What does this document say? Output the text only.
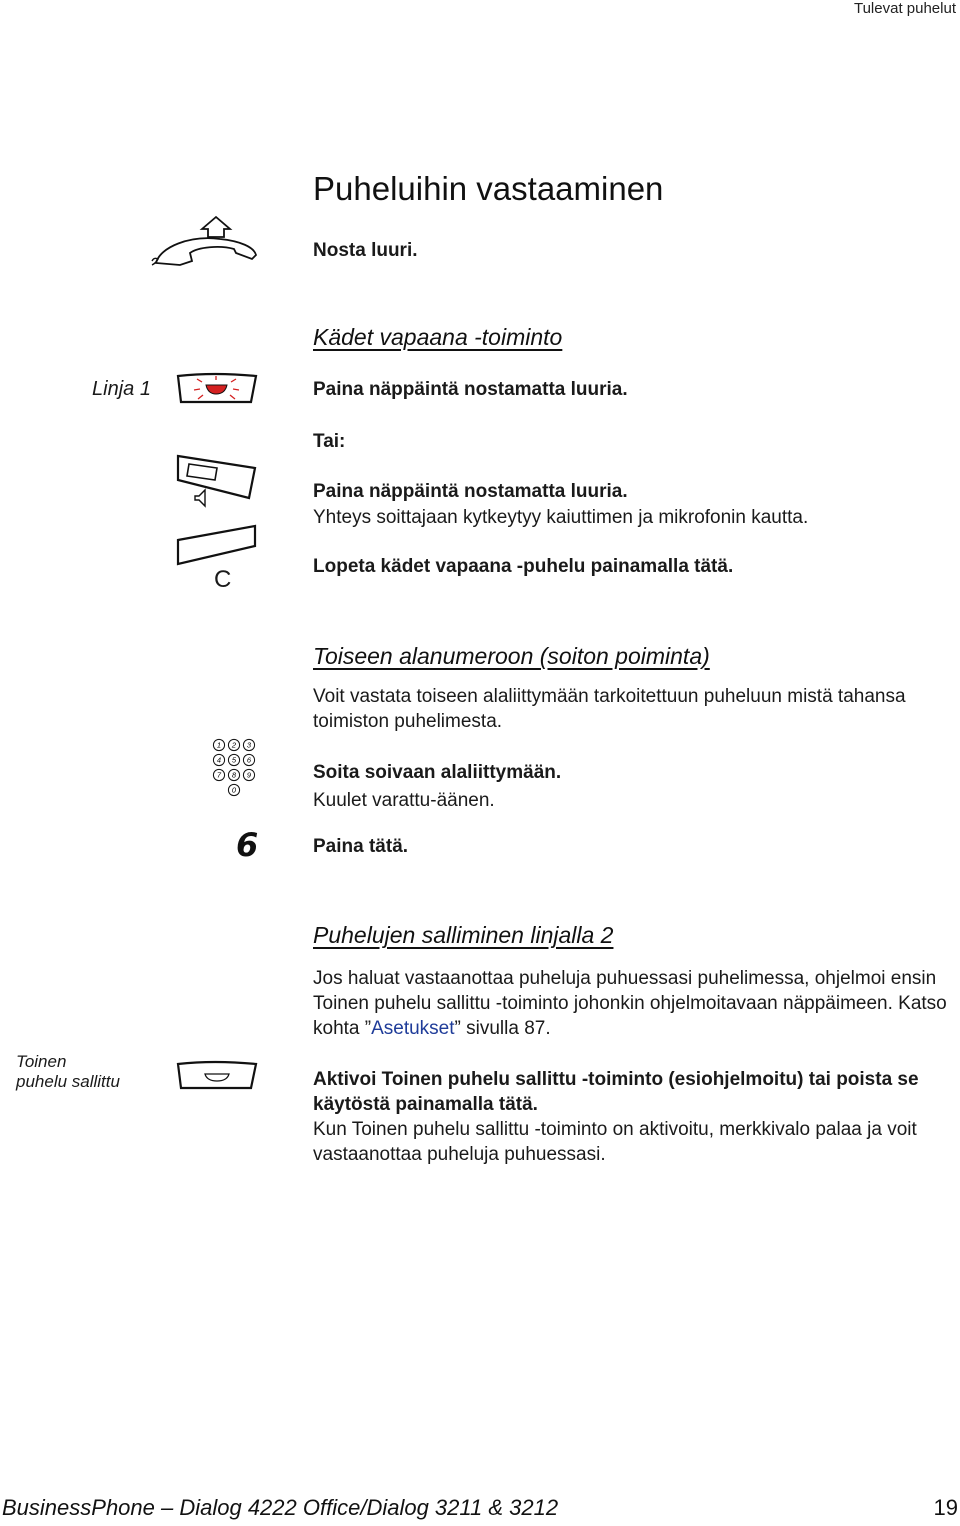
Tulevat puhelut
Puheluihin vastaaminen
Nosta luuri.
Kädet vapaana -toiminto
Linja 1	Paina näppäintä nostamatta luuria.
Tai:
Paina näppäintä nostamatta luuria.
Yhteys soittajaan kytkeytyy kaiuttimen ja mikrofonin kautta.
C	Lopeta kädet vapaana -puhelu painamalla tätä.
Toiseen alanumeroon (soiton poiminta)
Voit vastata toiseen alaliittymään tarkoitettuun puheluun mistä tahansa toimiston puhelimesta.
1 2 3
4 5 6
7 8 9
0
Soita soivaan alaliittymään.
Kuulet varattu-äänen.
6	Paina tätä.
Puhelujen salliminen linjalla 2
Jos haluat vastaanottaa puheluja puhuessasi puhelimessa, ohjelmoi ensin Toinen puhelu sallittu -toiminto johonkin ohjelmoitavaan näppäimeen. Katso kohta ”Asetukset” sivulla 87.
Toinen
puhelu sallittu	Aktivoi Toinen puhelu sallittu -toiminto (esiohjelmoitu) tai poista se käytöstä painamalla tätä.
Kun Toinen puhelu sallittu -toiminto on aktivoitu, merkkivalo palaa ja voit vastaanottaa puheluja puhuessasi.
BusinessPhone – Dialog 4222 Office/Dialog 3211 & 3212	19
